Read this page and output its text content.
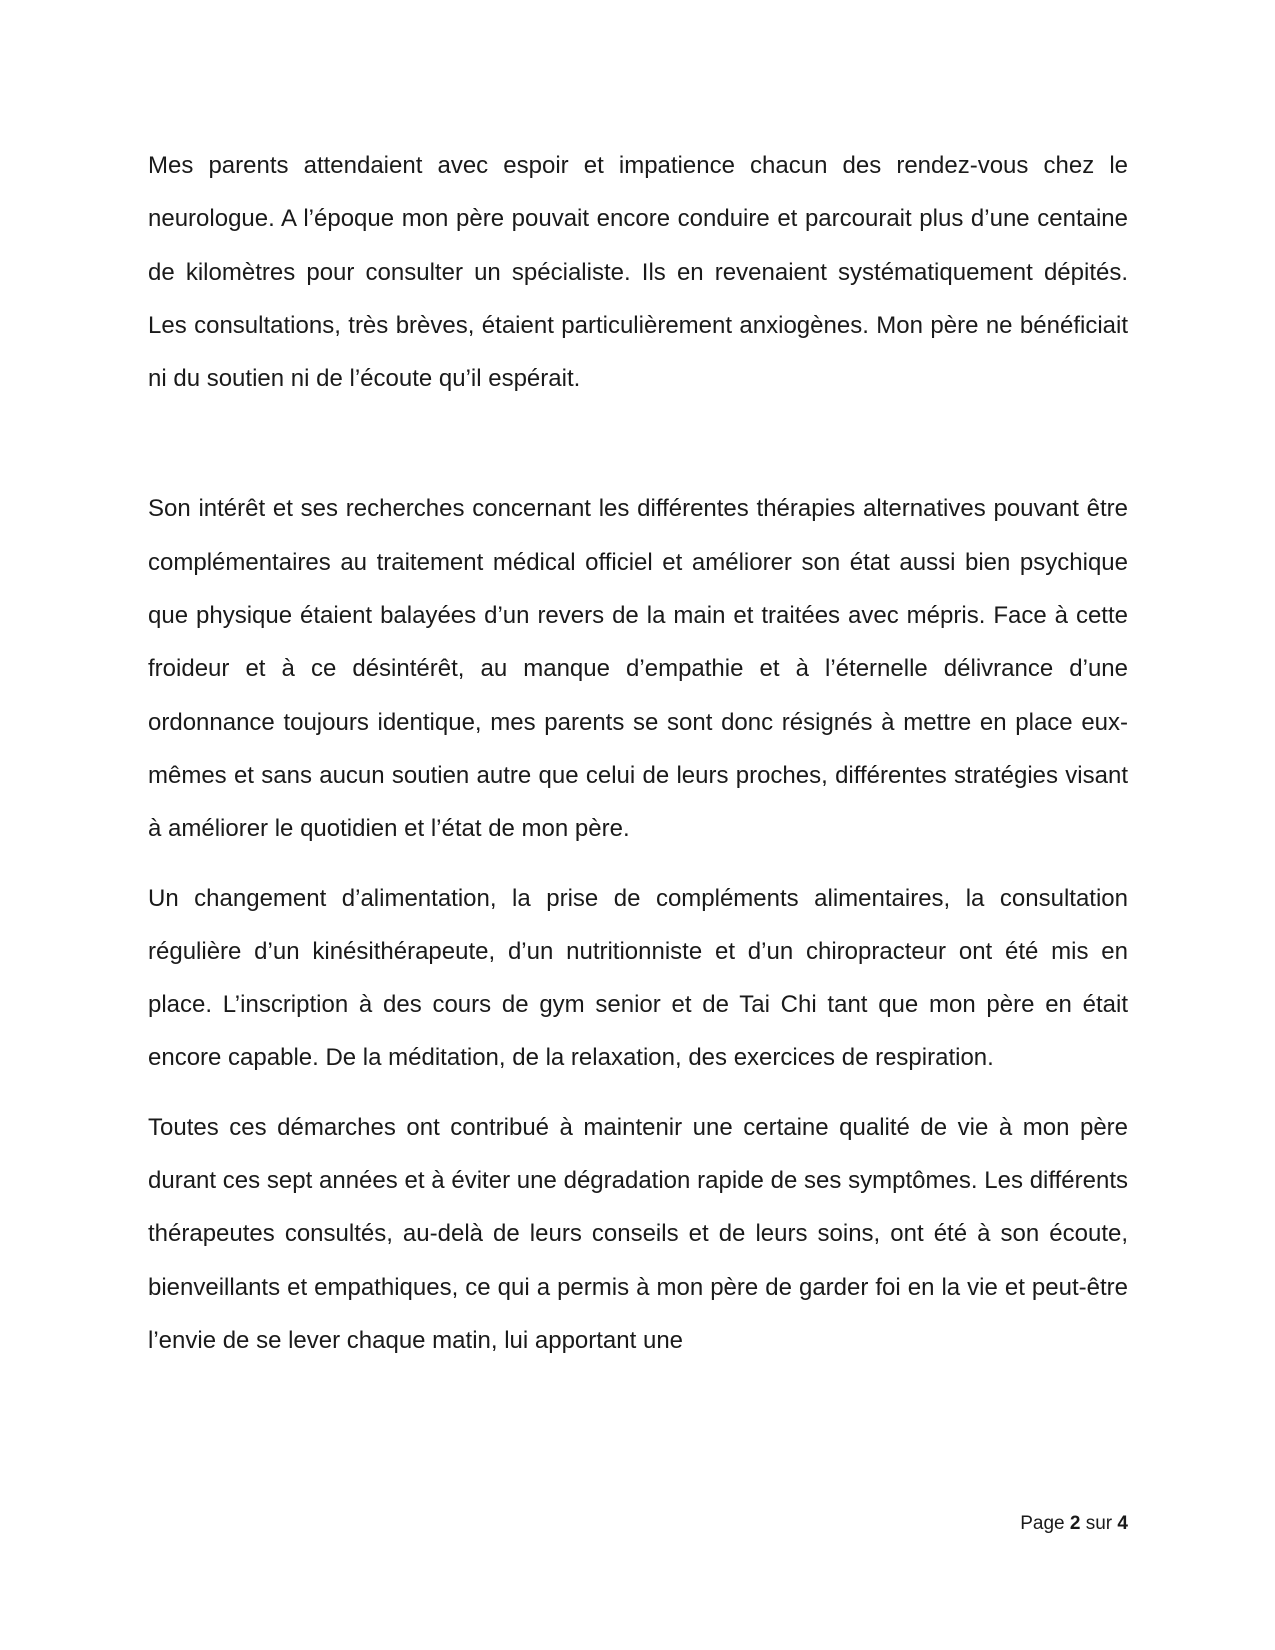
Mes parents attendaient avec espoir et impatience chacun des rendez-vous chez le neurologue. A l’époque mon père pouvait encore conduire et parcourait plus d’une centaine de kilomètres pour consulter un spécialiste. Ils en revenaient systématiquement dépités. Les consultations, très brèves, étaient particulièrement anxiogènes. Mon père ne bénéficiait ni du soutien ni de l’écoute qu’il espérait.

Son intérêt et ses recherches concernant les différentes thérapies alternatives pouvant être complémentaires au traitement médical officiel et améliorer son état aussi bien psychique que physique étaient balayées d’un revers de la main et traitées avec mépris. Face à cette froideur et à ce désintérêt, au manque d’empathie et à l’éternelle délivrance d’une ordonnance toujours identique, mes parents se sont donc résignés à mettre en place eux-mêmes et sans aucun soutien autre que celui de leurs proches, différentes stratégies visant à améliorer le quotidien et l’état de mon père.

Un changement d’alimentation, la prise de compléments alimentaires, la consultation régulière d’un kinésithérapeute, d’un nutritionniste et d’un chiropracteur ont été mis en place. L’inscription à des cours de gym senior et de Tai Chi tant que mon père en était encore capable. De la méditation, de la relaxation, des exercices de respiration.

Toutes ces démarches ont contribué à maintenir une certaine qualité de vie à mon père durant ces sept années et à éviter une dégradation rapide de ses symptômes. Les différents thérapeutes consultés, au-delà de leurs conseils et de leurs soins, ont été à son écoute, bienveillants et empathiques, ce qui a permis à mon père de garder foi en la vie et peut-être l’envie de se lever chaque matin, lui apportant une

Page 2 sur 4
